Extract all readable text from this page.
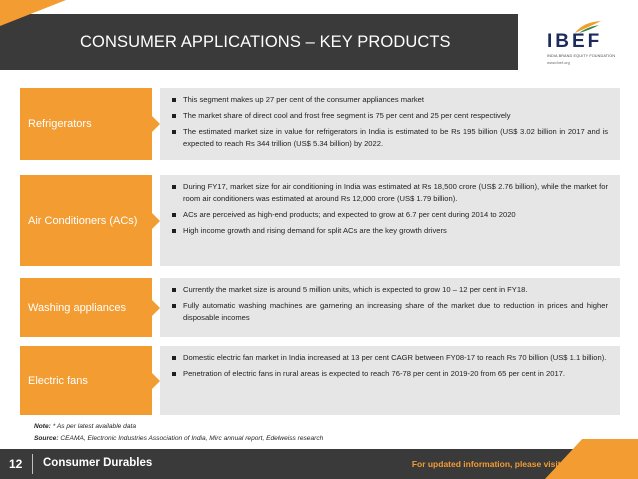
CONSUMER APPLICATIONS – KEY PRODUCTS	IBEF
INDIA BRAND EQUITY FOUNDATION
www.ibef.org
Refrigerators
This segment makes up 27 per cent of the consumer appliances market
The market share of direct cool and frost free segment is 75 per cent and 25 per cent respectively
The estimated market size in value for refrigerators in India is estimated to be Rs 195 billion (US$ 3.02 billion in 2017 and is expected to reach Rs 344 trillion (US$ 5.34 billion) by 2022.
Air Conditioners (ACs)
During FY17, market size for air conditioning in India was estimated at Rs 18,500 crore (US$ 2.76 billion), while the market for room air conditioners was estimated at around Rs 12,000 crore (US$ 1.79 billion).
ACs are perceived as high-end products; and expected to grow at 6.7 per cent during 2014 to 2020
High income growth and rising demand for split ACs are the key growth drivers
Washing appliances
Currently the market size is around 5 million units, which is expected to grow 10 – 12 per cent in FY18.
Fully automatic washing machines are garnering an increasing share of the market due to reduction in prices and higher disposable incomes
Electric fans
Domestic electric fan market in India increased at 13 per cent CAGR between FY08-17 to reach Rs 70 billion (US$ 1.1 billion).
Penetration of electric fans in rural areas is expected to reach 76-78 per cent in 2019-20 from 65 per cent in 2017.
Note: * As per latest available data
Source: CEAMA, Electronic Industries Association of India, Mirc annual report, Edelweiss research
12 Consumer Durables	For updated information, please visit www.ibef.org
